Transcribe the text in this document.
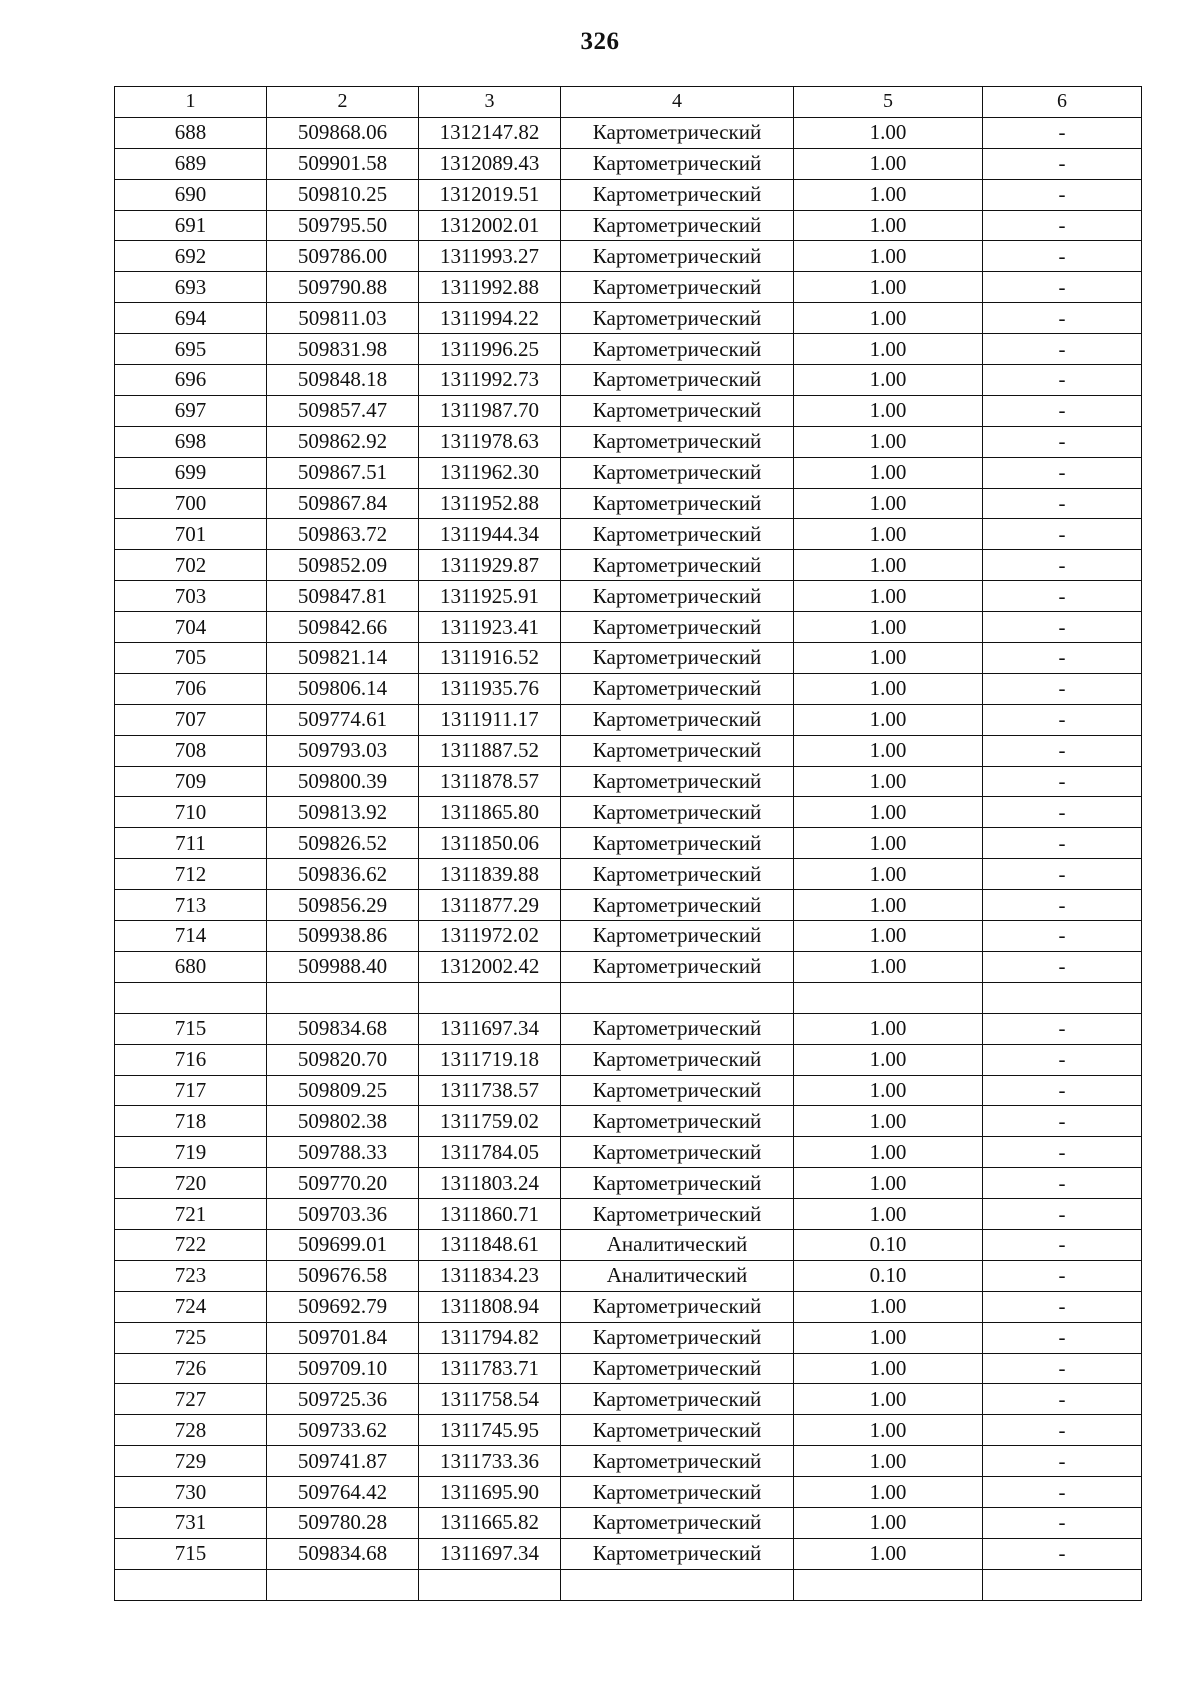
326
1	2	3	4	5	6
688	509868.06	1312147.82	Картометрический	1.00	-
689	509901.58	1312089.43	Картометрический	1.00	-
690	509810.25	1312019.51	Картометрический	1.00	-
691	509795.50	1312002.01	Картометрический	1.00	-
692	509786.00	1311993.27	Картометрический	1.00	-
693	509790.88	1311992.88	Картометрический	1.00	-
694	509811.03	1311994.22	Картометрический	1.00	-
695	509831.98	1311996.25	Картометрический	1.00	-
696	509848.18	1311992.73	Картометрический	1.00	-
697	509857.47	1311987.70	Картометрический	1.00	-
698	509862.92	1311978.63	Картометрический	1.00	-
699	509867.51	1311962.30	Картометрический	1.00	-
700	509867.84	1311952.88	Картометрический	1.00	-
701	509863.72	1311944.34	Картометрический	1.00	-
702	509852.09	1311929.87	Картометрический	1.00	-
703	509847.81	1311925.91	Картометрический	1.00	-
704	509842.66	1311923.41	Картометрический	1.00	-
705	509821.14	1311916.52	Картометрический	1.00	-
706	509806.14	1311935.76	Картометрический	1.00	-
707	509774.61	1311911.17	Картометрический	1.00	-
708	509793.03	1311887.52	Картометрический	1.00	-
709	509800.39	1311878.57	Картометрический	1.00	-
710	509813.92	1311865.80	Картометрический	1.00	-
711	509826.52	1311850.06	Картометрический	1.00	-
712	509836.62	1311839.88	Картометрический	1.00	-
713	509856.29	1311877.29	Картометрический	1.00	-
714	509938.86	1311972.02	Картометрический	1.00	-
680	509988.40	1312002.42	Картометрический	1.00	-

715	509834.68	1311697.34	Картометрический	1.00	-
716	509820.70	1311719.18	Картометрический	1.00	-
717	509809.25	1311738.57	Картометрический	1.00	-
718	509802.38	1311759.02	Картометрический	1.00	-
719	509788.33	1311784.05	Картометрический	1.00	-
720	509770.20	1311803.24	Картометрический	1.00	-
721	509703.36	1311860.71	Картометрический	1.00	-
722	509699.01	1311848.61	Аналитический	0.10	-
723	509676.58	1311834.23	Аналитический	0.10	-
724	509692.79	1311808.94	Картометрический	1.00	-
725	509701.84	1311794.82	Картометрический	1.00	-
726	509709.10	1311783.71	Картометрический	1.00	-
727	509725.36	1311758.54	Картометрический	1.00	-
728	509733.62	1311745.95	Картометрический	1.00	-
729	509741.87	1311733.36	Картометрический	1.00	-
730	509764.42	1311695.90	Картометрический	1.00	-
731	509780.28	1311665.82	Картометрический	1.00	-
715	509834.68	1311697.34	Картометрический	1.00	-
